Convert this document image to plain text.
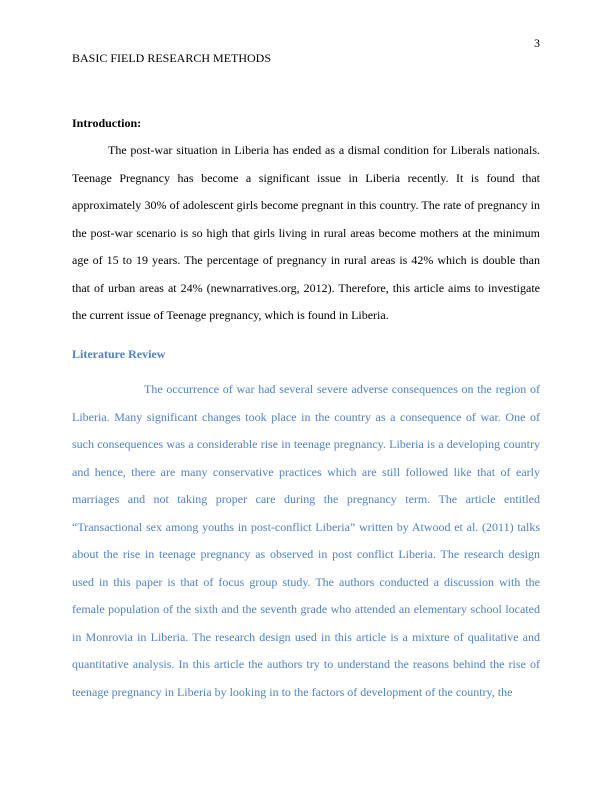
3
BASIC FIELD RESEARCH METHODS
Introduction:

The post-war situation in Liberia has ended as a dismal condition for Liberals nationals. Teenage Pregnancy has become a significant issue in Liberia recently. It is found that approximately 30% of adolescent girls become pregnant in this country. The rate of pregnancy in the post-war scenario is so high that girls living in rural areas become mothers at the minimum age of 15 to 19 years. The percentage of pregnancy in rural areas is 42% which is double than that of urban areas at 24% (newnarratives.org, 2012). Therefore, this article aims to investigate the current issue of Teenage pregnancy, which is found in Liberia.

Literature Review

The occurrence of war had several severe adverse consequences on the region of Liberia. Many significant changes took place in the country as a consequence of war. One of such consequences was a considerable rise in teenage pregnancy. Liberia is a developing country and hence, there are many conservative practices which are still followed like that of early marriages and not taking proper care during the pregnancy term. The article entitled “Transactional sex among youths in post-conflict Liberia” written by Atwood et al. (2011) talks about the rise in teenage pregnancy as observed in post conflict Liberia. The research design used in this paper is that of focus group study. The authors conducted a discussion with the female population of the sixth and the seventh grade who attended an elementary school located in Monrovia in Liberia. The research design used in this article is a mixture of qualitative and quantitative analysis. In this article the authors try to understand the reasons behind the rise of teenage pregnancy in Liberia by looking in to the factors of development of the country, the
